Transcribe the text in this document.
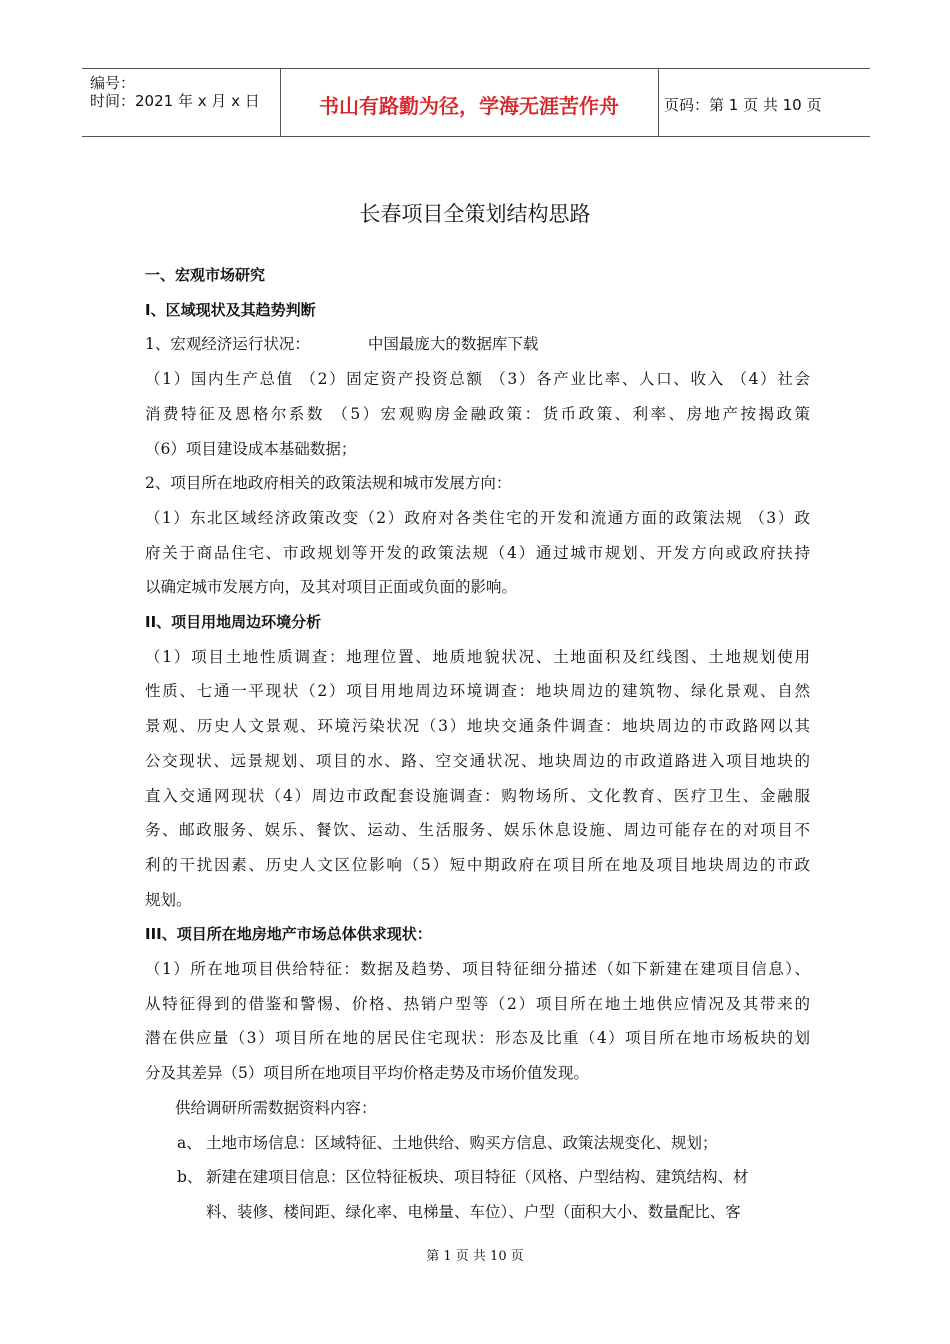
编号：
时间：2021 年 x 月 x 日	书山有路勤为径，学海无涯苦作舟	页码：第 1 页 共 10 页
长春项目全策划结构思路
一、宏观市场研究
I、区域现状及其趋势判断
1、宏观经济运行状况：	中国最庞大的数据库下载
（1）国内生产总值 （2）固定资产投资总额 （3）各产业比率、人口、收入 （4）社会
消费特征及恩格尔系数 （5）宏观购房金融政策：货币政策、利率、房地产按揭政策
（6）项目建设成本基础数据；
2、项目所在地政府相关的政策法规和城市发展方向：
（1）东北区域经济政策改变（2）政府对各类住宅的开发和流通方面的政策法规 （3）政
府关于商品住宅、市政规划等开发的政策法规（4）通过城市规划、开发方向或政府扶持
以确定城市发展方向，及其对项目正面或负面的影响。
II、项目用地周边环境分析
（1）项目土地性质调查：地理位置、地质地貌状况、土地面积及红线图、土地规划使用
性质、七通一平现状（2）项目用地周边环境调查：地块周边的建筑物、绿化景观、自然
景观、历史人文景观、环境污染状况（3）地块交通条件调查：地块周边的市政路网以其
公交现状、远景规划、项目的水、路、空交通状况、地块周边的市政道路进入项目地块的
直入交通网现状（4）周边市政配套设施调查：购物场所、文化教育、医疗卫生、金融服
务、邮政服务、娱乐、餐饮、运动、生活服务、娱乐休息设施、周边可能存在的对项目不
利的干扰因素、历史人文区位影响（5）短中期政府在项目所在地及项目地块周边的市政
规划。
III、项目所在地房地产市场总体供求现状：
（1）所在地项目供给特征：数据及趋势、项目特征细分描述（如下新建在建项目信息）、
从特征得到的借鉴和警惕、价格、热销户型等（2）项目所在地土地供应情况及其带来的
潜在供应量（3）项目所在地的居民住宅现状：形态及比重（4）项目所在地市场板块的划
分及其差异（5）项目所在地项目平均价格走势及市场价值发现。
供给调研所需数据资料内容：
a、 土地市场信息：区域特征、土地供给、购买方信息、政策法规变化、规划；
b、 新建在建项目信息：区位特征板块、项目特征（风格、户型结构、建筑结构、材
料、装修、楼间距、绿化率、电梯量、车位）、户型（面积大小、数量配比、客
第 1 页 共 10 页
